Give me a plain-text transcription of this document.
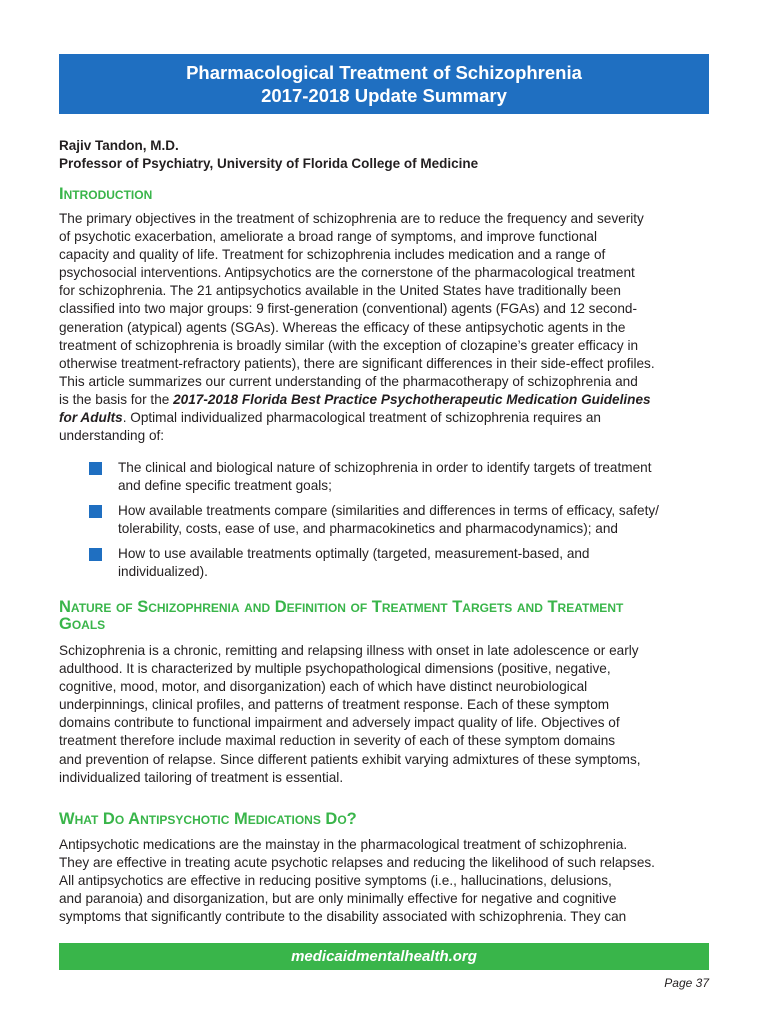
Pharmacological Treatment of Schizophrenia
2017-2018 Update Summary
Rajiv Tandon, M.D.
Professor of Psychiatry, University of Florida College of Medicine
Introduction
The primary objectives in the treatment of schizophrenia are to reduce the frequency and severity
of psychotic exacerbation, ameliorate a broad range of symptoms, and improve functional
capacity and quality of life. Treatment for schizophrenia includes medication and a range of
psychosocial interventions. Antipsychotics are the cornerstone of the pharmacological treatment
for schizophrenia. The 21 antipsychotics available in the United States have traditionally been
classified into two major groups: 9 first-generation (conventional) agents (FGAs) and 12 second-
generation (atypical) agents (SGAs). Whereas the efficacy of these antipsychotic agents in the
treatment of schizophrenia is broadly similar (with the exception of clozapine’s greater efficacy in
otherwise treatment-refractory patients), there are significant differences in their side-effect profiles.
This article summarizes our current understanding of the pharmacotherapy of schizophrenia and
is the basis for the 2017-2018 Florida Best Practice Psychotherapeutic Medication Guidelines
for Adults. Optimal individualized pharmacological treatment of schizophrenia requires an
understanding of:
The clinical and biological nature of schizophrenia in order to identify targets of treatment
and define specific treatment goals;
How available treatments compare (similarities and differences in terms of efficacy, safety/
tolerability, costs, ease of use, and pharmacokinetics and pharmacodynamics); and
How to use available treatments optimally (targeted, measurement-based, and
individualized).
Nature of Schizophrenia and Definition of Treatment Targets and Treatment
Goals
Schizophrenia is a chronic, remitting and relapsing illness with onset in late adolescence or early
adulthood. It is characterized by multiple psychopathological dimensions (positive, negative,
cognitive, mood, motor, and disorganization) each of which have distinct neurobiological
underpinnings, clinical profiles, and patterns of treatment response. Each of these symptom
domains contribute to functional impairment and adversely impact quality of life. Objectives of
treatment therefore include maximal reduction in severity of each of these symptom domains
and prevention of relapse. Since different patients exhibit varying admixtures of these symptoms,
individualized tailoring of treatment is essential.
What Do Antipsychotic Medications Do?
Antipsychotic medications are the mainstay in the pharmacological treatment of schizophrenia.
They are effective in treating acute psychotic relapses and reducing the likelihood of such relapses.
All antipsychotics are effective in reducing positive symptoms (i.e., hallucinations, delusions,
and paranoia) and disorganization, but are only minimally effective for negative and cognitive
symptoms that significantly contribute to the disability associated with schizophrenia. They can
medicaidmentalhealth.org
Page 37
